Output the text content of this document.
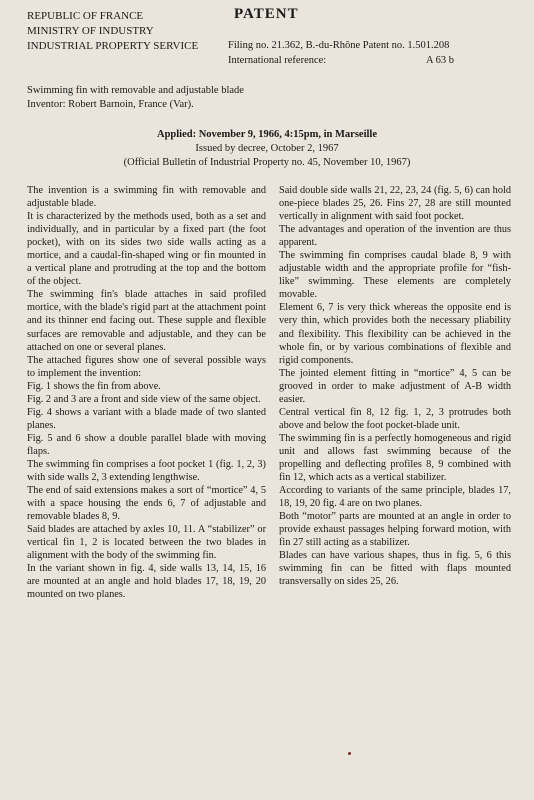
REPUBLIC OF FRANCE
MINISTRY OF INDUSTRY
INDUSTRIAL PROPERTY SERVICE
PATENT
Filing no. 21.362, B.-du-Rhône Patent no. 1.501.208
International reference:	A 63 b
Swimming fin with removable and adjustable blade
Inventor: Robert Barnoin, France (Var).
Applied: November 9, 1966, 4:15pm, in Marseille
Issued by decree, October 2, 1967
(Official Bulletin of Industrial Property no. 45, November 10, 1967)

The invention is a swimming fin with removable and adjustable blade.

It is characterized by the methods used, both as a set and individually, and in particular by a fixed part (the foot pocket), with on its sides two side walls acting as a mortice, and a caudal-fin-shaped wing or fin mounted in a vertical plane and protruding at the top and the bottom of the object.

The swimming fin's blade attaches in said profiled mortice, with the blade's rigid part at the attachment point and its thinner end facing out. These supple and flexible surfaces are removable and adjustable, and they can be attached on one or several planes.

The attached figures show one of several possible ways to implement the invention:

Fig. 1 shows the fin from above.

Fig. 2 and 3 are a front and side view of the same object.

Fig. 4 shows a variant with a blade made of two slanted planes.

Fig. 5 and 6 show a double parallel blade with moving flaps.

The swimming fin comprises a foot pocket 1 (fig. 1, 2, 3) with side walls 2, 3 extending lengthwise.

The end of said extensions makes a sort of “mortice” 4, 5 with a space housing the ends 6, 7 of adjustable and removable blades 8, 9.

Said blades are attached by axles 10, 11. A “stabilizer” or vertical fin 1, 2 is located between the two blades in alignment with the body of the swimming fin.

In the variant shown in fig. 4, side walls 13, 14, 15, 16 are mounted at an angle and hold blades 17, 18, 19, 20 mounted on two planes.

Said double side walls 21, 22, 23, 24 (fig. 5, 6) can hold one-piece blades 25, 26. Fins 27, 28 are still mounted vertically in alignment with said foot pocket.

The advantages and operation of the invention are thus apparent.

The swimming fin comprises caudal blade 8, 9 with adjustable width and the appropriate profile for “fish-like” swimming. These elements are completely movable.

Element 6, 7 is very thick whereas the opposite end is very thin, which provides both the necessary pliability and flexibility. This flexibility can be achieved in the whole fin, or by various combinations of flexible and rigid components.

The jointed element fitting in “mortice” 4, 5 can be grooved in order to make adjustment of A-B width easier.

Central vertical fin 8, 12 fig. 1, 2, 3 protrudes both above and below the foot pocket-blade unit.

The swimming fin is a perfectly homogeneous and rigid unit and allows fast swimming because of the propelling and deflecting profiles 8, 9 combined with fin 12, which acts as a vertical stabilizer.

According to variants of the same principle, blades 17, 18, 19, 20 fig. 4 are on two planes.

Both “motor” parts are mounted at an angle in order to provide exhaust passages helping forward motion, with fin 27 still acting as a stabilizer.

Blades can have various shapes, thus in fig. 5, 6 this swimming fin can be fitted with flaps mounted transversally on sides 25, 26.
